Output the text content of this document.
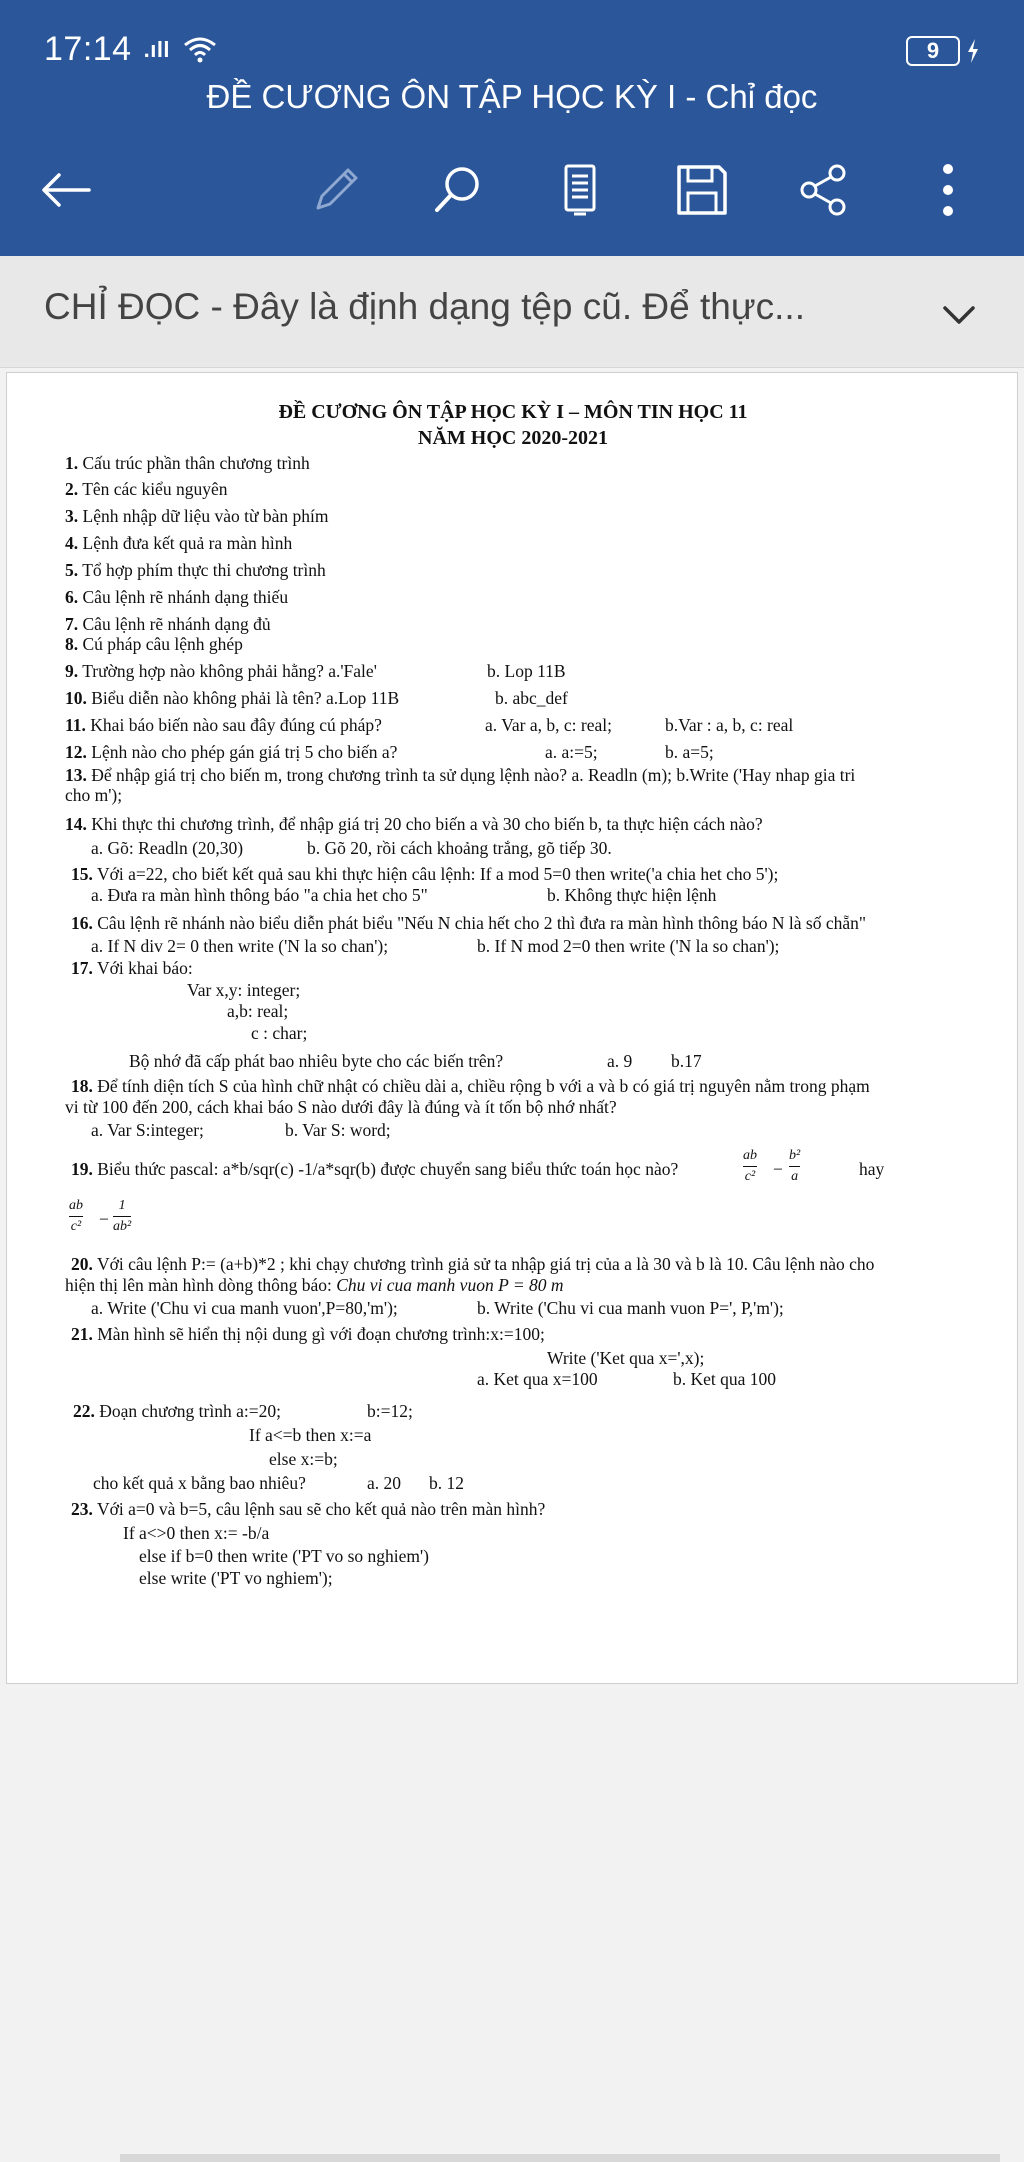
17:14 .ıll	9
ĐỀ CƯƠNG ÔN TẬP HỌC KỲ I - Chỉ đọc
CHỈ ĐỌC - Đây là định dạng tệp cũ. Để thực...
ĐỀ CƯƠNG ÔN TẬP HỌC KỲ I – MÔN TIN HỌC 11
NĂM HỌC 2020-2021
1. Cấu trúc phần thân chương trình
2. Tên các kiểu nguyên
3. Lệnh nhập dữ liệu vào từ bàn phím
4. Lệnh đưa kết quả ra màn hình
5. Tổ hợp phím thực thi chương trình
6. Câu lệnh rẽ nhánh dạng thiếu
7. Câu lệnh rẽ nhánh dạng đủ
8. Cú pháp câu lệnh ghép
9. Trường hợp nào không phải hằng? a.'Fale'	b. Lop 11B
10. Biểu diễn nào không phải là tên? a.Lop 11B	b. abc_def
11. Khai báo biến nào sau đây đúng cú pháp?	a. Var a, b, c: real;	b.Var : a, b, c: real
12. Lệnh nào cho phép gán giá trị 5 cho biến a?	a. a:=5;	b. a=5;
13. Để nhập giá trị cho biến m, trong chương trình ta sử dụng lệnh nào? a. Readln (m); b.Write ('Hay nhap gia tri
cho m');
14. Khi thực thi chương trình, để nhập giá trị 20 cho biến a và 30 cho biến b, ta thực hiện cách nào?
a. Gõ: Readln (20,30)	b. Gõ 20, rồi cách khoảng trắng, gõ tiếp 30.
15. Với a=22, cho biết kết quả sau khi thực hiện câu lệnh: If a mod 5=0 then write('a chia het cho 5');
a. Đưa ra màn hình thông báo "a chia het cho 5"	b. Không thực hiện lệnh
16. Câu lệnh rẽ nhánh nào biểu diễn phát biểu "Nếu N chia hết cho 2 thì đưa ra màn hình thông báo N là số chẵn"
a. If N div 2= 0 then write ('N la so chan');	b. If N mod 2=0 then write ('N la so chan');
17. Với khai báo:
Var x,y: integer;
a,b: real;
c : char;
Bộ nhớ đã cấp phát bao nhiêu byte cho các biến trên?	a. 9 b.17
18. Để tính diện tích S của hình chữ nhật có chiều dài a, chiều rộng b với a và b có giá trị nguyên nằm trong phạm
vi từ 100 đến 200, cách khai báo S nào dưới đây là đúng và ít tốn bộ nhớ nhất?
a. Var S:integer;	b. Var S: word;
19. Biểu thức pascal: a*b/sqr(c) -1/a*sqr(b) được chuyển sang biểu thức toán học nào?
ab
c² −
b²
a	hay
ab
c² −
1
ab²
20. Với câu lệnh P:= (a+b)*2 ; khi chạy chương trình giả sử ta nhập giá trị của a là 30 và b là 10. Câu lệnh nào cho
hiện thị lên màn hình dòng thông báo: Chu vi cua manh vuon P = 80 m
a. Write ('Chu vi cua manh vuon',P=80,'m');	b. Write ('Chu vi cua manh vuon P=', P,'m');
21. Màn hình sẽ hiển thị nội dung gì với đoạn chương trình:x:=100;
Write ('Ket qua x=',x);
a. Ket qua x=100	b. Ket qua 100
22. Đoạn chương trình a:=20;	b:=12;
If a<=b then x:=a
else x:=b;
cho kết quả x bằng bao nhiêu?	a. 20 b. 12
23. Với a=0 và b=5, câu lệnh sau sẽ cho kết quả nào trên màn hình?
If a<>0 then x:= -b/a
else if b=0 then write ('PT vo so nghiem')
else write ('PT vo nghiem');
